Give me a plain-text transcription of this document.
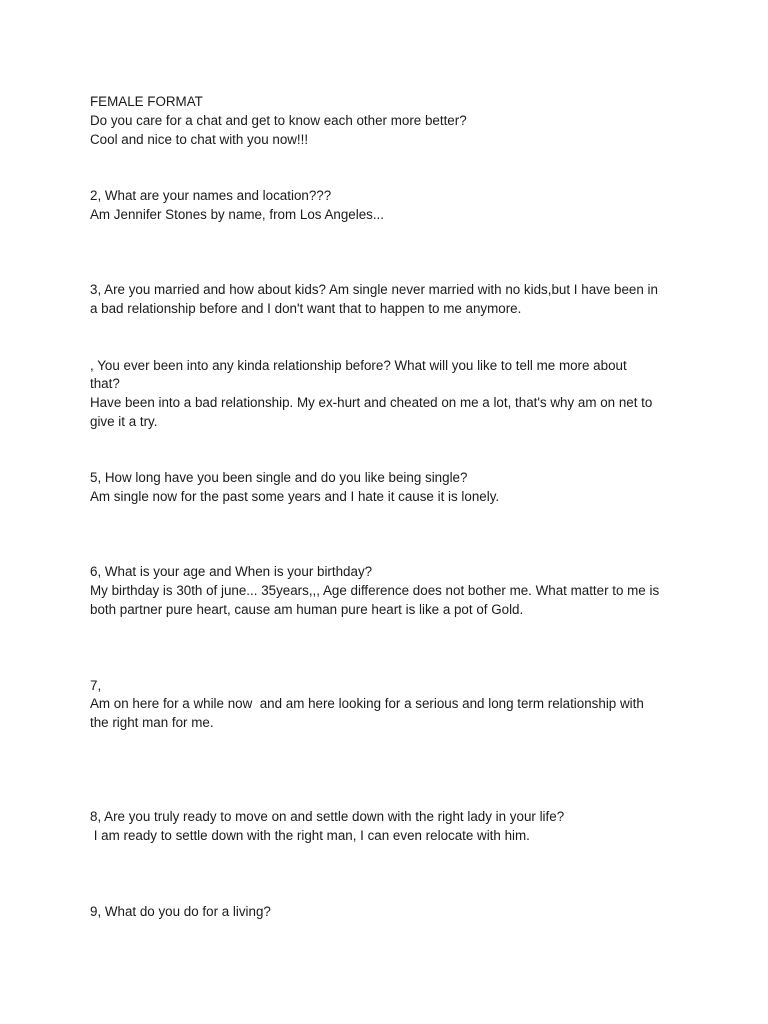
FEMALE FORMAT

Do you care for a chat and get to know each other more better?

Cool and nice to chat with you now!!!

2, What are your names and location???

Am Jennifer Stones by name, from Los Angeles...

3, Are you married and how about kids? Am single never married with no kids,but I have been in

a bad relationship before and I don't want that to happen to me anymore.

, You ever been into any kinda relationship before? What will you like to tell me more about

that?

Have been into a bad relationship. My ex-hurt and cheated on me a lot, that's why am on net to

give it a try.

5, How long have you been single and do you like being single?

Am single now for the past some years and I hate it cause it is lonely.

6, What is your age and When is your birthday?

My birthday is 30th of june... 35years,,, Age difference does not bother me. What matter to me is

both partner pure heart, cause am human pure heart is like a pot of Gold.

7,

Am on here for a while now  and am here looking for a serious and long term relationship with

the right man for me.

8, Are you truly ready to move on and settle down with the right lady in your life?

I am ready to settle down with the right man, I can even relocate with him.

9, What do you do for a living?
